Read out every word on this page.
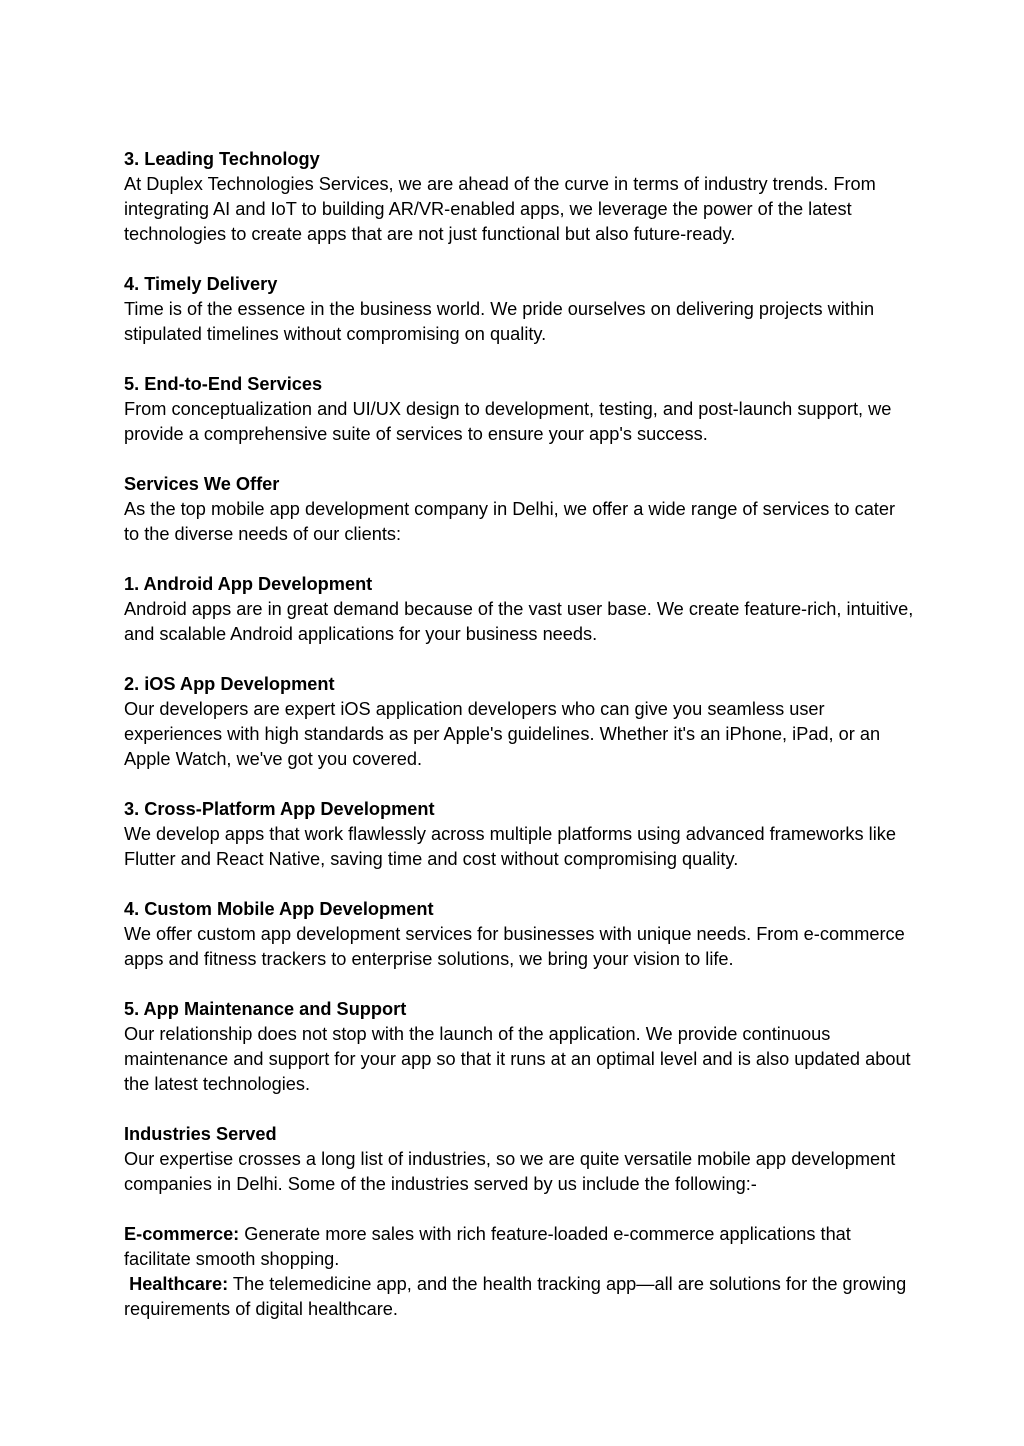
3. Leading Technology
At Duplex Technologies Services, we are ahead of the curve in terms of industry trends. From integrating AI and IoT to building AR/VR-enabled apps, we leverage the power of the latest technologies to create apps that are not just functional but also future-ready.
4. Timely Delivery
Time is of the essence in the business world. We pride ourselves on delivering projects within stipulated timelines without compromising on quality.
5. End-to-End Services
From conceptualization and UI/UX design to development, testing, and post-launch support, we provide a comprehensive suite of services to ensure your app's success.
Services We Offer
As the top mobile app development company in Delhi, we offer a wide range of services to cater to the diverse needs of our clients:
1. Android App Development
Android apps are in great demand because of the vast user base. We create feature-rich, intuitive, and scalable Android applications for your business needs.
2. iOS App Development
Our developers are expert iOS application developers who can give you seamless user experiences with high standards as per Apple's guidelines. Whether it's an iPhone, iPad, or an Apple Watch, we've got you covered.
3. Cross-Platform App Development
We develop apps that work flawlessly across multiple platforms using advanced frameworks like Flutter and React Native, saving time and cost without compromising quality.
4. Custom Mobile App Development
We offer custom app development services for businesses with unique needs. From e-commerce apps and fitness trackers to enterprise solutions, we bring your vision to life.
5. App Maintenance and Support
Our relationship does not stop with the launch of the application. We provide continuous maintenance and support for your app so that it runs at an optimal level and is also updated about the latest technologies.
Industries Served
Our expertise crosses a long list of industries, so we are quite versatile mobile app development companies in Delhi. Some of the industries served by us include the following:-
E-commerce: Generate more sales with rich feature-loaded e-commerce applications that facilitate smooth shopping.
Healthcare: The telemedicine app, and the health tracking app—all are solutions for the growing requirements of digital healthcare.
